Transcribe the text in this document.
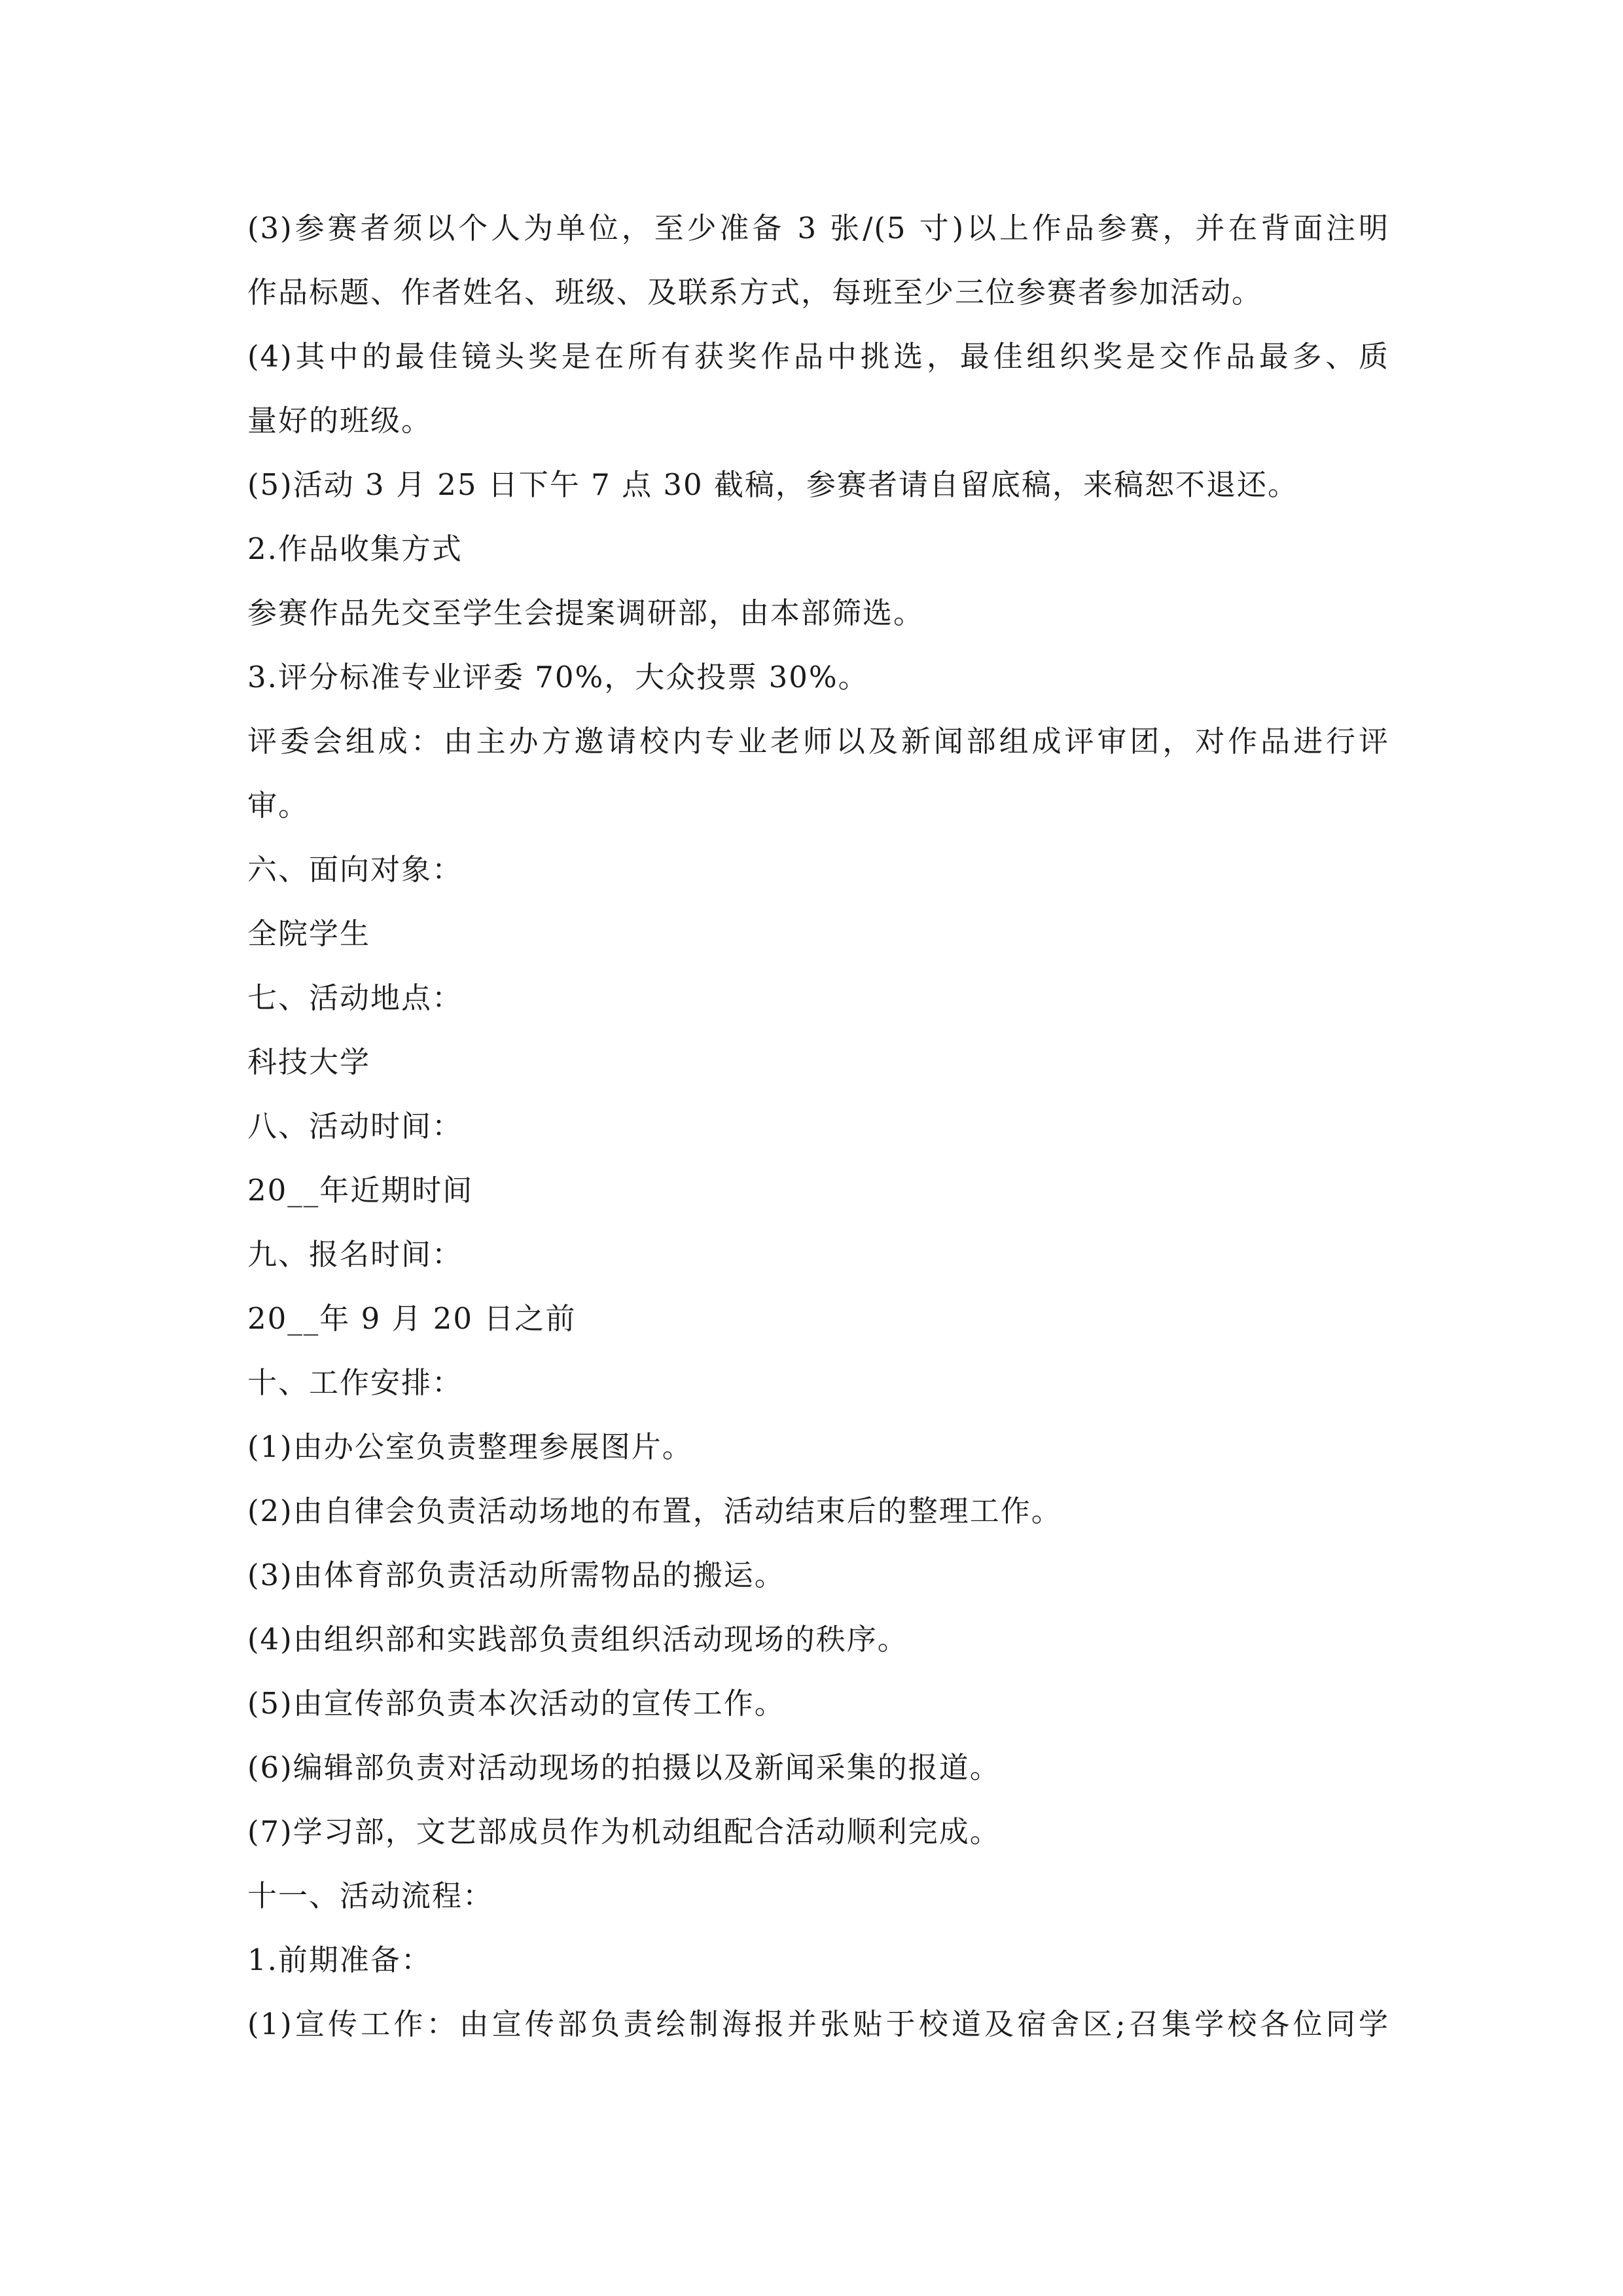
(3)参赛者须以个人为单位，至少准备 3 张/(5 寸)以上作品参赛，并在背面注明
作品标题、作者姓名、班级、及联系方式，每班至少三位参赛者参加活动。
(4)其中的最佳镜头奖是在所有获奖作品中挑选，最佳组织奖是交作品最多、质
量好的班级。
(5)活动 3 月 25 日下午 7 点 30 截稿，参赛者请自留底稿，来稿恕不退还。
2.作品收集方式
参赛作品先交至学生会提案调研部，由本部筛选。
3.评分标准专业评委 70%，大众投票 30%。
评委会组成：由主办方邀请校内专业老师以及新闻部组成评审团，对作品进行评
审。
六、面向对象：
全院学生
七、活动地点：
科技大学
八、活动时间：
20__年近期时间
九、报名时间：
20__年 9 月 20 日之前
十、工作安排：
(1)由办公室负责整理参展图片。
(2)由自律会负责活动场地的布置，活动结束后的整理工作。
(3)由体育部负责活动所需物品的搬运。
(4)由组织部和实践部负责组织活动现场的秩序。
(5)由宣传部负责本次活动的宣传工作。
(6)编辑部负责对活动现场的拍摄以及新闻采集的报道。
(7)学习部，文艺部成员作为机动组配合活动顺利完成。
十一、活动流程：
1.前期准备：
(1)宣传工作：由宣传部负责绘制海报并张贴于校道及宿舍区;召集学校各位同学
